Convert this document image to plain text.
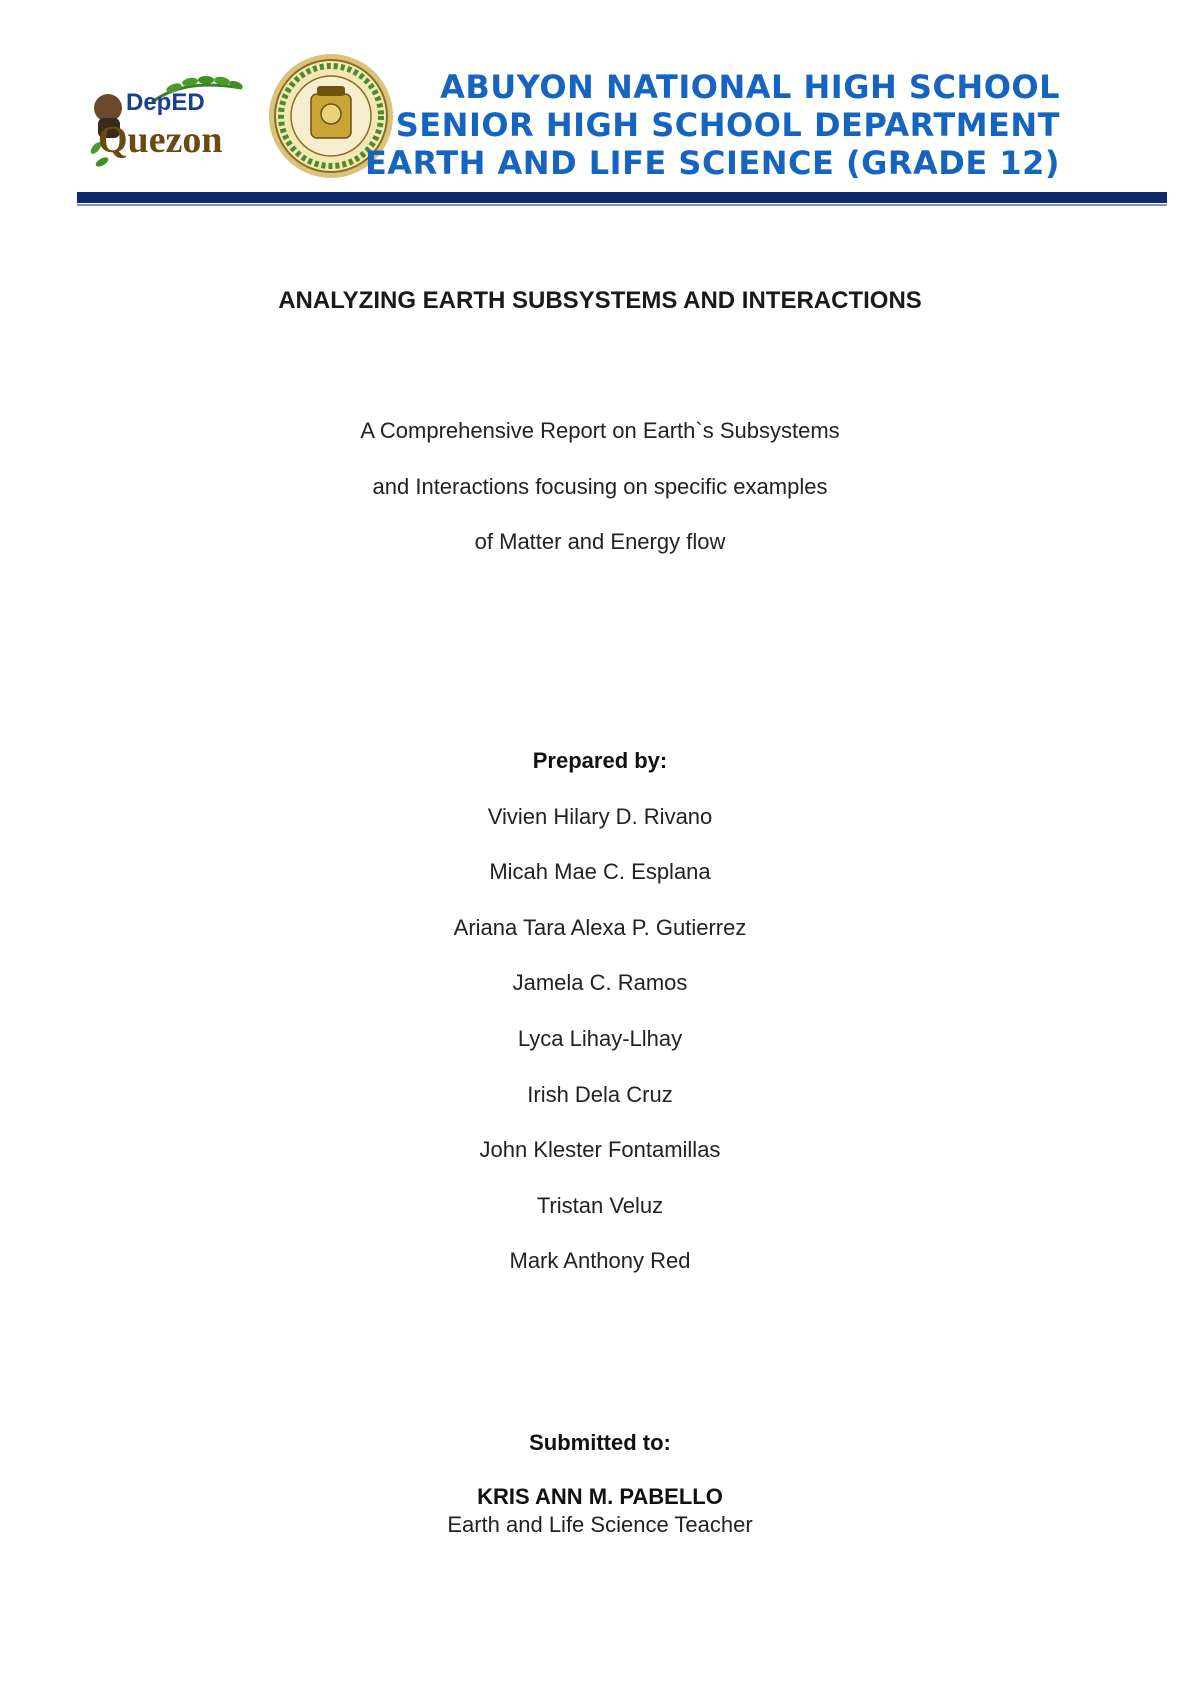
DepED
Quezon
ABUYON NATIONAL HIGH SCHOOL
SENIOR HIGH SCHOOL DEPARTMENT
EARTH AND LIFE SCIENCE (GRADE 12)
ANALYZING EARTH SUBSYSTEMS AND INTERACTIONS
A Comprehensive Report on Earth`s Subsystems
and Interactions focusing on specific examples
of Matter and Energy flow
Prepared by:
Vivien Hilary D. Rivano
Micah Mae C. Esplana
Ariana Tara Alexa P. Gutierrez
Jamela C. Ramos
Lyca Lihay-Llhay
Irish Dela Cruz
John Klester Fontamillas
Tristan Veluz
Mark Anthony Red
Submitted to:
KRIS ANN M. PABELLO
Earth and Life Science Teacher
